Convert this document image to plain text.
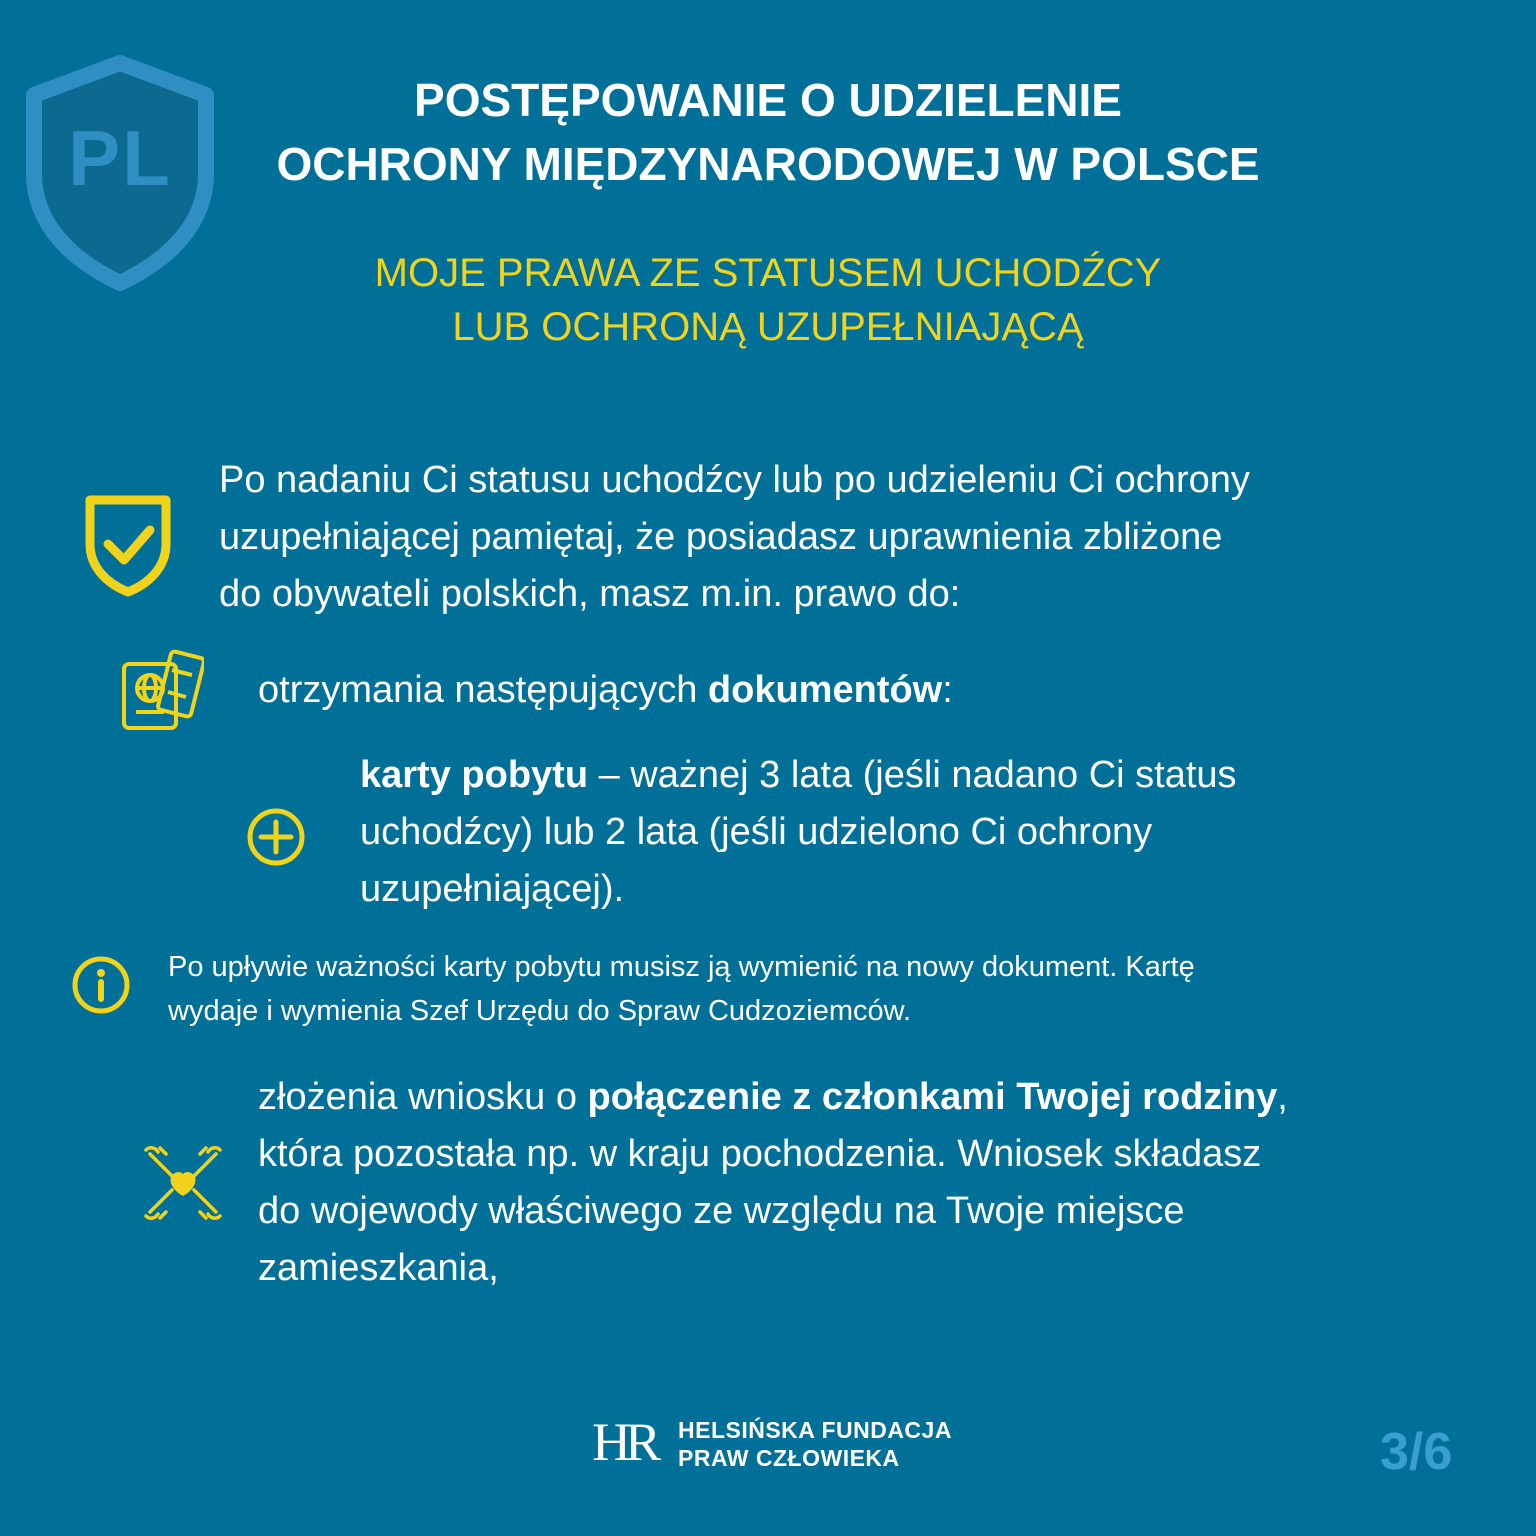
PL
POSTĘPOWANIE O UDZIELENIE
OCHRONY MIĘDZYNARODOWEJ W POLSCE
MOJE PRAWA ZE STATUSEM UCHODŹCY
LUB OCHRONĄ UZUPEŁNIAJĄCĄ
Po nadaniu Ci statusu uchodźcy lub po udzieleniu Ci ochrony
uzupełniającej pamiętaj, że posiadasz uprawnienia zbliżone
do obywateli polskich, masz m.in. prawo do:
otrzymania następujących dokumentów:
karty pobytu – ważnej 3 lata (jeśli nadano Ci status
uchodźcy) lub 2 lata (jeśli udzielono Ci ochrony
uzupełniającej).
Po upływie ważności karty pobytu musisz ją wymienić na nowy dokument. Kartę
wydaje i wymienia Szef Urzędu do Spraw Cudzoziemców.
złożenia wniosku o połączenie z członkami Twojej rodziny,
która pozostała np. w kraju pochodzenia. Wniosek składasz
do wojewody właściwego ze względu na Twoje miejsce
zamieszkania,
HR HELSIŃSKA FUNDACJA
PRAW CZŁOWIEKA	3/6
